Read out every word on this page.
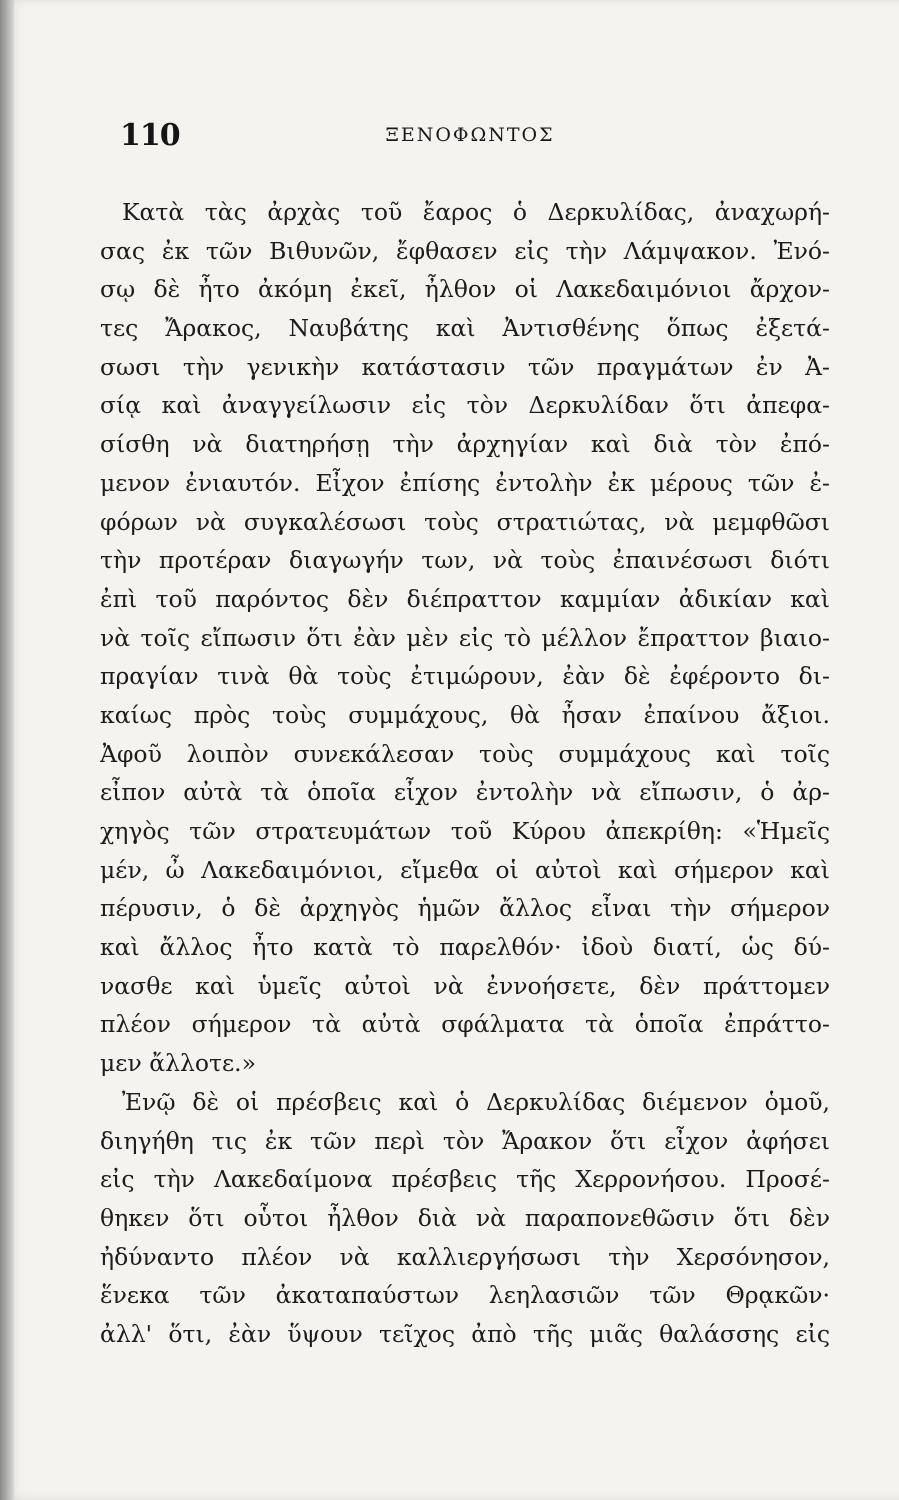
110	ΞΕΝΟΦΩΝΤΟΣ
Κατὰ τὰς ἀρχὰς τοῦ ἔαρος ὁ Δερκυλίδας, ἀναχωρή-
σας ἐκ τῶν Βιθυνῶν, ἔφθασεν εἰς τὴν Λάμψακον. Ἐνό-
σῳ δὲ ἦτο ἀκόμη ἐκεῖ, ἦλθον οἱ Λακεδαιμόνιοι ἄρχον-
τες Ἄρακος, Ναυβάτης καὶ Ἀντισθένης ὅπως ἐξετά-
σωσι τὴν γενικὴν κατάστασιν τῶν πραγμάτων ἐν Ἀ-
σίᾳ καὶ ἀναγγείλωσιν εἰς τὸν Δερκυλίδαν ὅτι ἀπεφα-
σίσθη νὰ διατηρήσῃ τὴν ἀρχηγίαν καὶ διὰ τὸν ἐπό-
μενον ἐνιαυτόν. Εἶχον ἐπίσης ἐντολὴν ἐκ μέρους τῶν ἐ-
φόρων νὰ συγκαλέσωσι τοὺς στρατιώτας, νὰ μεμφθῶσι
τὴν προτέραν διαγωγήν των, νὰ τοὺς ἐπαινέσωσι διότι
ἐπὶ τοῦ παρόντος δὲν διέπραττον καμμίαν ἀδικίαν καὶ
νὰ τοῖς εἴπωσιν ὅτι ἐὰν μὲν εἰς τὸ μέλλον ἔπραττον βιαιο-
πραγίαν τινὰ θὰ τοὺς ἐτιμώρουν, ἐὰν δὲ ἐφέροντο δι-
καίως πρὸς τοὺς συμμάχους, θὰ ἦσαν ἐπαίνου ἄξιοι.
Ἀφοῦ λοιπὸν συνεκάλεσαν τοὺς συμμάχους καὶ τοῖς
εἶπον αὐτὰ τὰ ὁποῖα εἶχον ἐντολὴν νὰ εἴπωσιν, ὁ ἀρ-
χηγὸς τῶν στρατευμάτων τοῦ Κύρου ἀπεκρίθη: «Ἡμεῖς
μέν, ὦ Λακεδαιμόνιοι, εἴμεθα οἱ αὐτοὶ καὶ σήμερον καὶ
πέρυσιν, ὁ δὲ ἀρχηγὸς ἡμῶν ἄλλος εἶναι τὴν σήμερον
καὶ ἄλλος ἦτο κατὰ τὸ παρελθόν· ἰδοὺ διατί, ὡς δύ-
νασθε καὶ ὑμεῖς αὐτοὶ νὰ ἐννοήσετε, δὲν πράττομεν
πλέον σήμερον τὰ αὐτὰ σφάλματα τὰ ὁποῖα ἐπράττο-
μεν ἄλλοτε.»
Ἐνῷ δὲ οἱ πρέσβεις καὶ ὁ Δερκυλίδας διέμενον ὁμοῦ,
διηγήθη τις ἐκ τῶν περὶ τὸν Ἄρακον ὅτι εἶχον ἀφήσει
εἰς τὴν Λακεδαίμονα πρέσβεις τῆς Χερρονήσου. Προσέ-
θηκεν ὅτι οὗτοι ἦλθον διὰ νὰ παραπονεθῶσιν ὅτι δὲν
ἠδύναντο πλέον νὰ καλλιεργήσωσι τὴν Χερσόνησον,
ἕνεκα τῶν ἀκαταπαύστων λεηλασιῶν τῶν Θρᾳκῶν·
ἀλλ' ὅτι, ἐὰν ὕψουν τεῖχος ἀπὸ τῆς μιᾶς θαλάσσης εἰς
